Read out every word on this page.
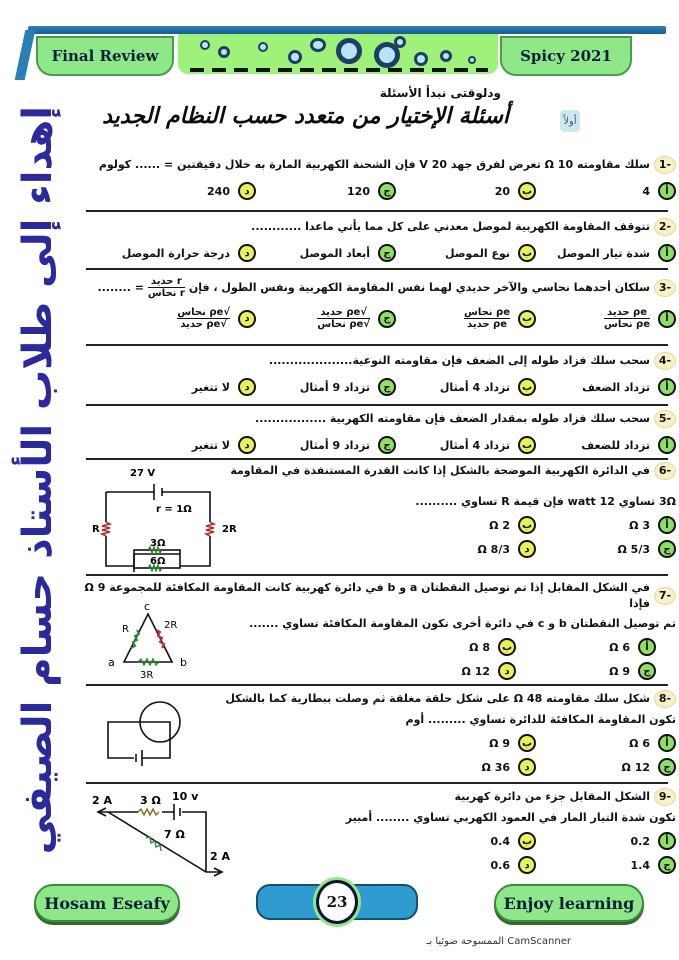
Final Review	Spicy 2021
إهداء إلى طلاب الأستاذ حسام الصيفي
ودلوقتى نبدأ الأسئلة
أولاً
أسئلة الإختيار من متعدد حسب النظام الجديد
-1
سلك مقاومته Ω 10 تعرض لفرق جهد V 20 فإن الشحنة الكهربية المارة به خلال دقيقتين = ...... كولوم
أ
4
ب
20
ج
120
د
240
-2
تتوقف المقاومة الكهربية لموصل معدني على كل مما يأتي ماعدا ............
أ
شدة تيار الموصل
ب
نوع الموصل
ج
أبعاد الموصل
د
درجة حرارة الموصل
-3
سلكان أحدهما نحاسي والآخر حديدي لهما نفس المقاومة الكهربية ونفس الطول ، فإن
$\frac{\text{r حديد}}{\text{r نحاس}}$
= ........
أ
$\frac{\text{ρe حديد}}{\text{ρe نحاس}}$
ب
$\frac{\text{ρe نحاس}}{\text{ρe حديد}}$
ج
$\frac{\text{√ρe حديد}}{\text{√ρe نحاس}}$
د
$\frac{\text{√ρe نحاس}}{\text{√ρe حديد}}$
-4
سحب سلك فزاد طوله إلى الضعف فإن مقاومته النوعية....................
أ
تزداد الضعف
ب
تزداد 4 أمثال
ج
تزداد 9 أمثال
د
لا تتغير
-5
سحب سلك فزاد طوله بمقدار الضعف فإن مقاومته الكهربية .................
أ
تزداد للضعف
ب
تزداد 4 أمثال
ج
تزداد 9 أمثال
د
لا تتغير
-6
في الدائرة الكهربية الموضحة بالشكل إذا كانت القدرة المستنفذة في المقاومة
3Ω تساوي 12 watt فإن قيمة R تساوي ..........
أ
3 Ω
ب
2 Ω
ج
5/3 Ω
د
8/3 Ω
27 V
r = 1Ω
3Ω
6Ω
R	2R
-7
في الشكل المقابل إذا تم توصيل النقطتان a و b في دائرة كهربية كانت المقاومة المكافئة للمجموعة Ω 9 فإذا
تم توصيل النقطتان b و c في دائرة أخرى تكون المقاومة المكافئة تساوي .......
أ
6 Ω
ب
8 Ω
ج
9 Ω
د
12 Ω
c
a	b
R	2R
3R
-8
شكل سلك مقاومته Ω 48 على شكل حلقة مغلقة ثم وصلت ببطارية كما بالشكل
تكون المقاومة المكافئة للدائرة تساوي ......... أوم
أ
6 Ω
ب
9 Ω
ج
12 Ω
د
36 Ω
-9
الشكل المقابل جزء من دائرة كهربية
تكون شدة التيار المار في العمود الكهربي تساوي ........ أمبير
أ
0.2
ب
0.4
ج
1.4
د
0.6
2 A	3 Ω 10 v
7 Ω
2 A
Hosam Eseafy	23	Enjoy learning
الممسوحة ضوئيا بـ CamScanner
